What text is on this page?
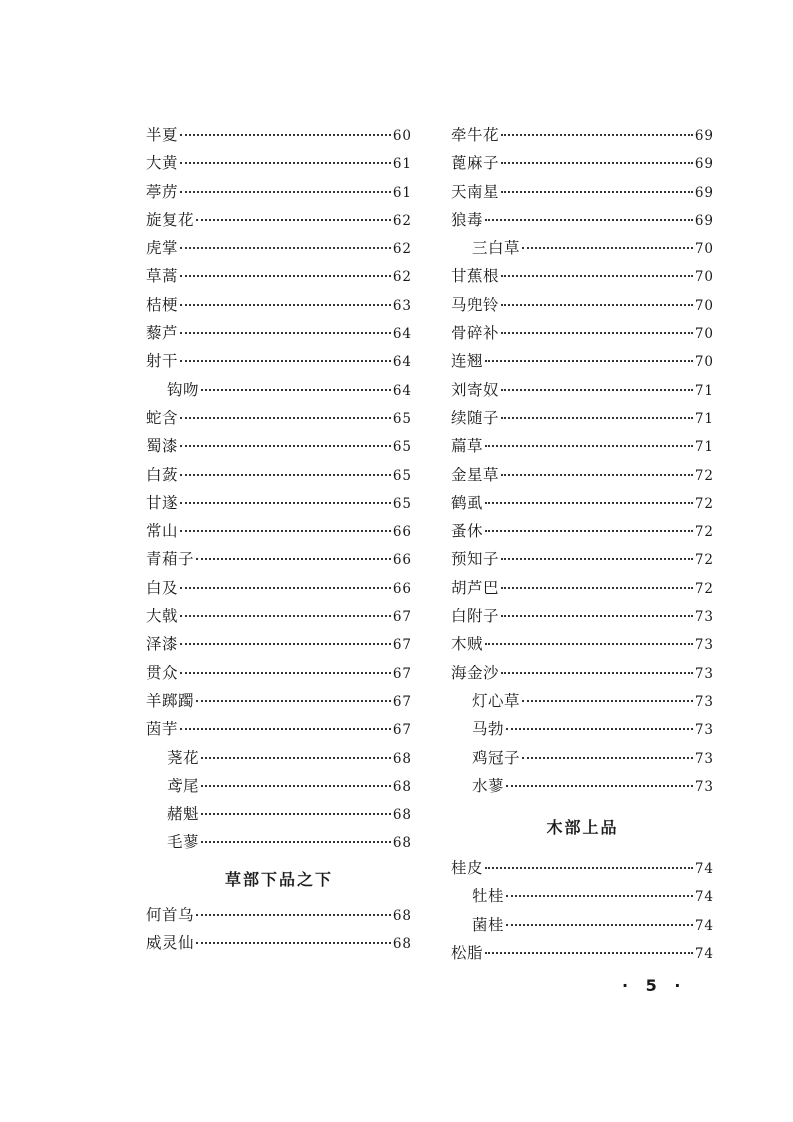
半夏	60
大黄	61
葶苈	61
旋复花	62
虎掌	62
草蒿	62
桔梗	63
藜芦	64
射干	64
钩吻	64
蛇含	65
蜀漆	65
白蔹	65
甘遂	65
常山	66
青葙子	66
白及	66
大戟	67
泽漆	67
贯众	67
羊踯躅	67
茵芋	67
荛花	68
鸢尾	68
赭魁	68
毛蓼	68
草部下品之下
何首乌	68
威灵仙	68
牵牛花	69
蓖麻子	69
天南星	69
狼毒	69
三白草	70
甘蕉根	70
马兜铃	70
骨碎补	70
连翘	70
刘寄奴	71
续随子	71
萹草	71
金星草	72
鹤虱	72
蚤休	72
预知子	72
胡芦巴	72
白附子	73
木贼	73
海金沙	73
灯心草	73
马勃	73
鸡冠子	73
水蓼	73
木部上品
桂皮	74
牡桂	74
菌桂	74
松脂	74
· 5 ·
